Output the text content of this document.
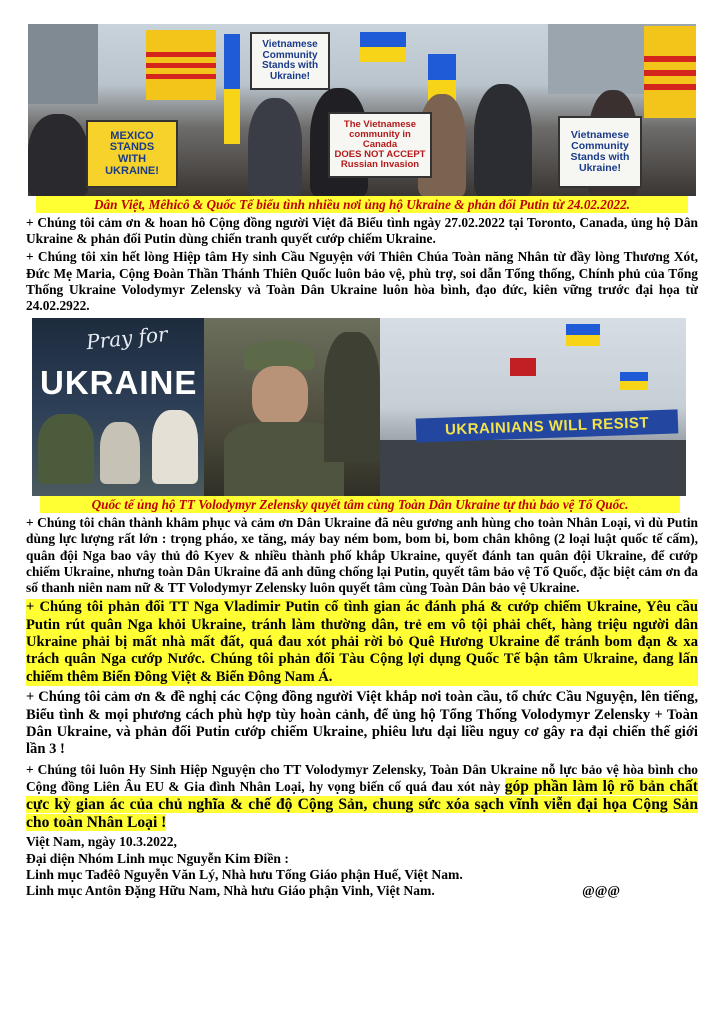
MEXICO
STANDS
WITH
UKRAINE!
Vietnamese
Community
Stands with
Ukraine!
The Vietnamese community in Canada
DOES NOT ACCEPT
Russian Invasion
Vietnamese
Community
Stands with
Ukraine!

Dân Việt, Mêhicô & Quốc Tế biểu tình nhiều nơi ủng hộ Ukraine & phản đối Putin từ 24.02.2022.

+ Chúng tôi cảm ơn & hoan hô Cộng đồng người Việt đã Biểu tình ngày 27.02.2022 tại Toronto, Canada, ủng hộ Dân Ukraine & phản đối Putin dùng chiến tranh quyết cướp chiếm Ukraine.

+ Chúng tôi xin hết lòng Hiệp tâm Hy sinh Cầu Nguyện với Thiên Chúa Toàn năng Nhân từ đầy lòng Thương Xót, Đức Mẹ Maria, Cộng Đoàn Thần Thánh Thiên Quốc luôn bảo vệ, phù trợ, soi dẫn Tổng thống, Chính phủ của Tổng Thống Ukraine Volodymyr Zelensky và Toàn Dân Ukraine luôn hòa bình, đạo đức, kiên vững trước đại họa từ 24.02.2922.

Pray for
UKRAINE
UKRAINIANS WILL RESIST

Quốc tế ủng hộ TT Volodymyr Zelensky quyết tâm cùng Toàn Dân Ukraine tự thủ bảo vệ Tổ Quốc.

+ Chúng tôi chân thành khâm phục và cảm ơn Dân Ukraine đã nêu gương anh hùng cho toàn Nhân Loại, vì dù Putin dùng lực lượng rất lớn : trọng pháo, xe tăng, máy bay ném bom, bom bi, bom chân không (2 loại luật quốc tế cấm), quân đội Nga bao vây thủ đô Kyev & nhiều thành phố khắp Ukraine, quyết đánh tan quân đội Ukraine, để cướp chiếm Ukraine, nhưng toàn Dân Ukraine đã anh dũng chống lại Putin, quyết tâm bảo vệ Tổ Quốc, đặc biệt cảm ơn đa số thanh niên nam nữ & TT Volodymyr Zelensky luôn quyết tâm cùng Toàn Dân bảo vệ Ukraine.

+ Chúng tôi phản đối TT Nga Vladimir Putin cố tình gian ác đánh phá & cướp chiếm Ukraine, Yêu cầu Putin rút quân Nga khỏi Ukraine, tránh làm thường dân, trẻ em vô tội phải chết, hàng triệu người dân Ukraine phải bị mất nhà mất đất, quá đau xót phải rời bỏ Quê Hương Ukraine để tránh bom đạn & xa trách quân Nga cướp Nước. Chúng tôi phản đối Tàu Cộng lợi dụng Quốc Tế bận tâm Ukraine, đang lấn chiếm thêm Biển Đông Việt & Biển Đông Nam Á.

+ Chúng tôi cảm ơn & đề nghị các Cộng đồng người Việt khắp nơi toàn cầu, tổ chức Cầu Nguyện, lên tiếng, Biểu tình & mọi phương cách phù hợp tùy hoàn cảnh, để ủng hộ Tổng Thống Volodymyr Zelensky + Toàn Dân Ukraine, và phản đối Putin cướp chiếm Ukraine, phiêu lưu dại liều nguy cơ gây ra đại chiến thế giới lần 3 !

+ Chúng tôi luôn Hy Sinh Hiệp Nguyện cho TT Volodymyr Zelensky, Toàn Dân Ukraine nỗ lực bảo vệ hòa bình cho Cộng đồng Liên Âu EU & Gia đình Nhân Loại, hy vọng biến cố quá đau xót này góp phần làm lộ rõ bản chất cực kỳ gian ác của chủ nghĩa & chế độ Cộng Sản, chung sức xóa sạch vĩnh viễn đại họa Cộng Sản cho toàn Nhân Loại !

Việt Nam, ngày 10.3.2022,

Đại diện Nhóm Linh mục Nguyễn Kim Điền :

Linh mục Tađêô Nguyễn Văn Lý, Nhà hưu Tổng Giáo phận Huế, Việt Nam.

Linh mục Antôn Đặng Hữu Nam, Nhà hưu Giáo phận Vinh, Việt Nam.	@@@
